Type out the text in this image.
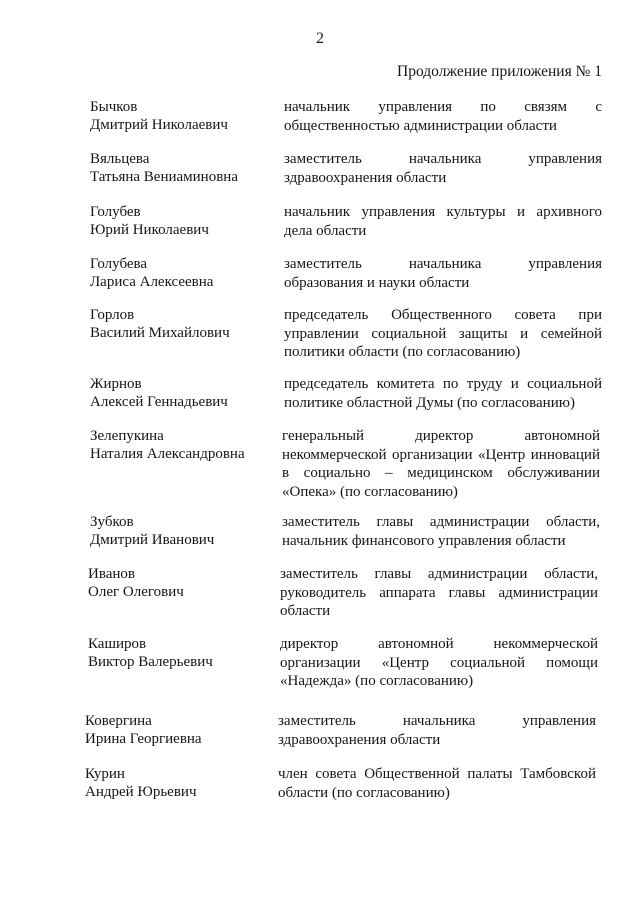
2
Продолжение приложения № 1
Бычков
Дмитрий Николаевич
начальник управления по связям с
общественностью администрации области
Вяльцева
Татьяна Вениаминовна
заместитель начальника управления
здравоохранения области
Голубев
Юрий Николаевич
начальник управления культуры и архивного
дела области
Голубева
Лариса Алексеевна
заместитель начальника управления
образования и науки области
Горлов
Василий Михайлович
председатель Общественного совета при
управлении социальной защиты и семейной
политики области (по согласованию)
Жирнов
Алексей Геннадьевич
председатель комитета по труду и социальной
политике областной Думы (по согласованию)
Зелепукина
Наталия Александровна
генеральный директор автономной
некоммерческой организации «Центр инноваций
в социально – медицинском обслуживании
«Опека» (по согласованию)
Зубков
Дмитрий Иванович
заместитель главы администрации области,
начальник финансового управления области
Иванов
Олег Олегович
заместитель главы администрации области,
руководитель аппарата главы администрации
области
Каширов
Виктор Валерьевич
директор автономной некоммерческой
организации «Центр социальной помощи
«Надежда» (по согласованию)
Ковергина
Ирина Георгиевна
заместитель начальника управления
здравоохранения области
Курин
Андрей Юрьевич
член совета Общественной палаты Тамбовской
области (по согласованию)
